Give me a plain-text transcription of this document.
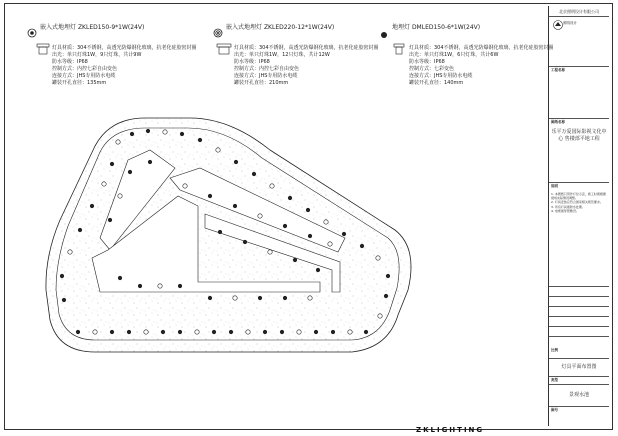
嵌入式地埋灯 ZKLED150-9*1W(24V)
灯具材质：304不锈钢，高透光防爆钢化玻璃，抗老化硅胶密封圈
出光：单只灯珠1W，9只灯珠，共计9W
防水等级：IP68
控制方式：内控七彩自由变色
连接方式：JHS专用防水电缆
罐装开孔直径：135mm
嵌入式地埋灯 ZKLED220-12*1W(24V)
灯具材质：304不锈钢，高透光防爆钢化玻璃，抗老化硅胶密封圈
出光：单只灯珠1W，12只灯珠，共计12W
防水等级：IP68
控制方式：内控七彩自由变色
连接方式：JHS专用防水电缆
罐装开孔直径：210mm
地埋灯 DMLED150-6*1W(24V)
灯具材质：304不锈钢，高透光防爆钢化玻璃，抗老化硅胶密封圈
出光：单只灯珠1W，6只灯珠，共计6W
防水等级：IP68
控制方式：七彩变色
连接方式：JHS专用防水电缆
罐装开孔直径：140mm
北京照明设计有限公司
照明设计
工程名称
图纸名称
乐平万爱国际影视文化中心 售楼部平地工程
说明
1. 本图纸只用作灯位示意，施工时须根据现场实际情况调整。
2. 灯具安装应符合国家相关规范要求。
3. 所有灯具须防水处理。
4. 电缆须穿管敷设。
比例
灯具平面布置图
类型
景观水池
图号
ZKLIGHTING
